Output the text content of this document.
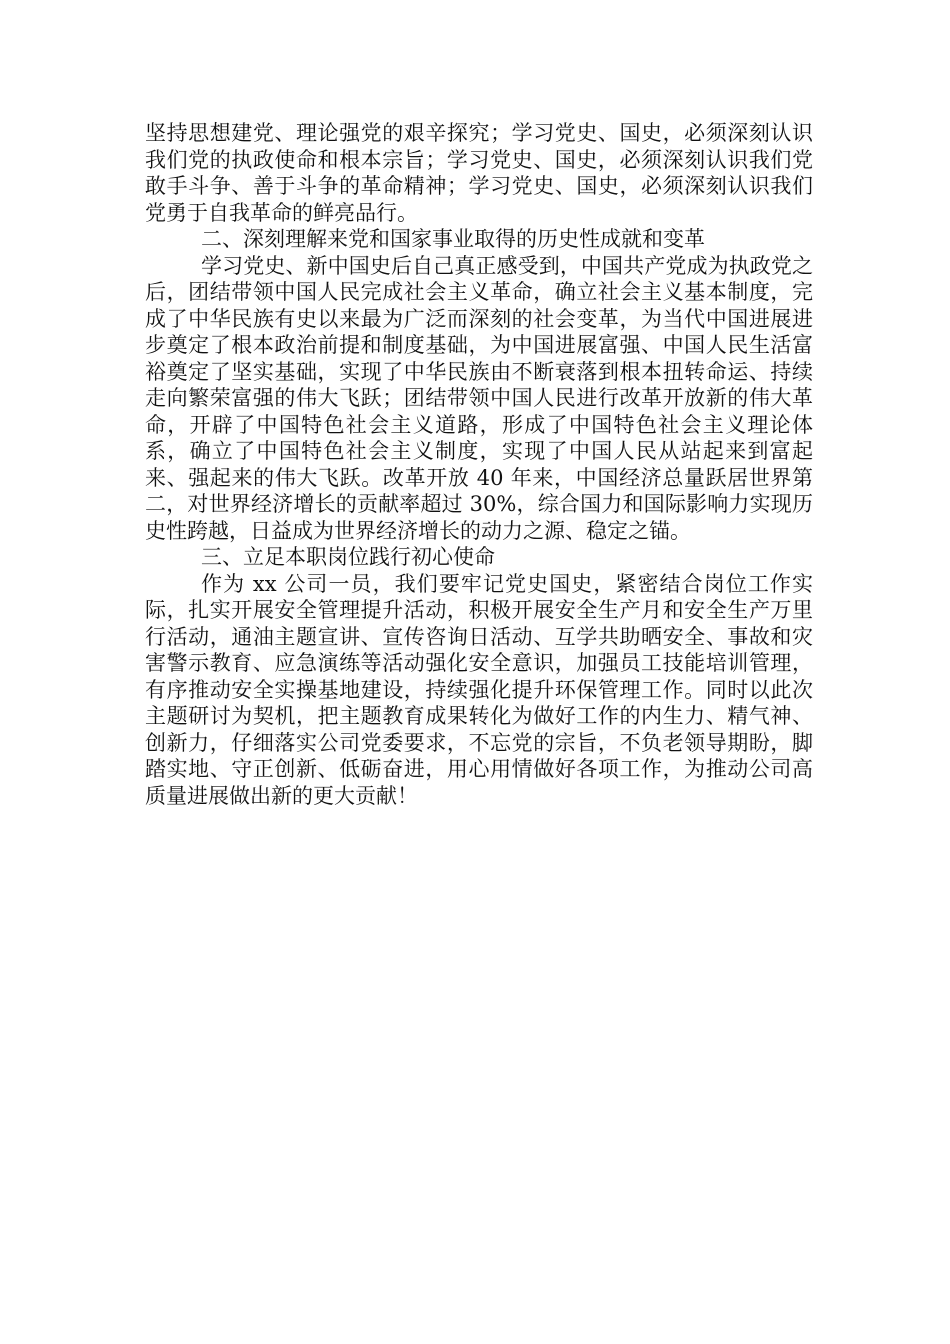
坚持思想建党、理论强党的艰辛探究；学习党史、国史，必须深刻认识我们党的执政使命和根本宗旨；学习党史、国史，必须深刻认识我们党敢手斗争、善于斗争的革命精神；学习党史、国史，必须深刻认识我们党勇于自我革命的鲜亮品行。

二、深刻理解来党和国家事业取得的历史性成就和变革

学习党史、新中国史后自己真正感受到，中国共产党成为执政党之后，团结带领中国人民完成社会主义革命，确立社会主义基本制度，完成了中华民族有史以来最为广泛而深刻的社会变革，为当代中国进展进步奠定了根本政治前提和制度基础，为中国进展富强、中国人民生活富裕奠定了坚实基础，实现了中华民族由不断衰落到根本扭转命运、持续走向繁荣富强的伟大飞跃；团结带领中国人民进行改革开放新的伟大革命，开辟了中国特色社会主义道路，形成了中国特色社会主义理论体系，确立了中国特色社会主义制度，实现了中国人民从站起来到富起来、强起来的伟大飞跃。改革开放 40 年来，中国经济总量跃居世界第二，对世界经济增长的贡献率超过 30%，综合国力和国际影响力实现历史性跨越，日益成为世界经济增长的动力之源、稳定之锚。

三、立足本职岗位践行初心使命

作为 xx 公司一员，我们要牢记党史国史，紧密结合岗位工作实际，扎实开展安全管理提升活动，积极开展安全生产月和安全生产万里行活动，通油主题宣讲、宣传咨询日活动、互学共助晒安全、事故和灾害警示教育、应急演练等活动强化安全意识，加强员工技能培训管理，有序推动安全实操基地建设，持续强化提升环保管理工作。同时以此次主题研讨为契机，把主题教育成果转化为做好工作的内生力、精气神、创新力，仔细落实公司党委要求，不忘党的宗旨，不负老领导期盼，脚踏实地、守正创新、低砺奋进，用心用情做好各项工作，为推动公司高质量进展做出新的更大贡献！
